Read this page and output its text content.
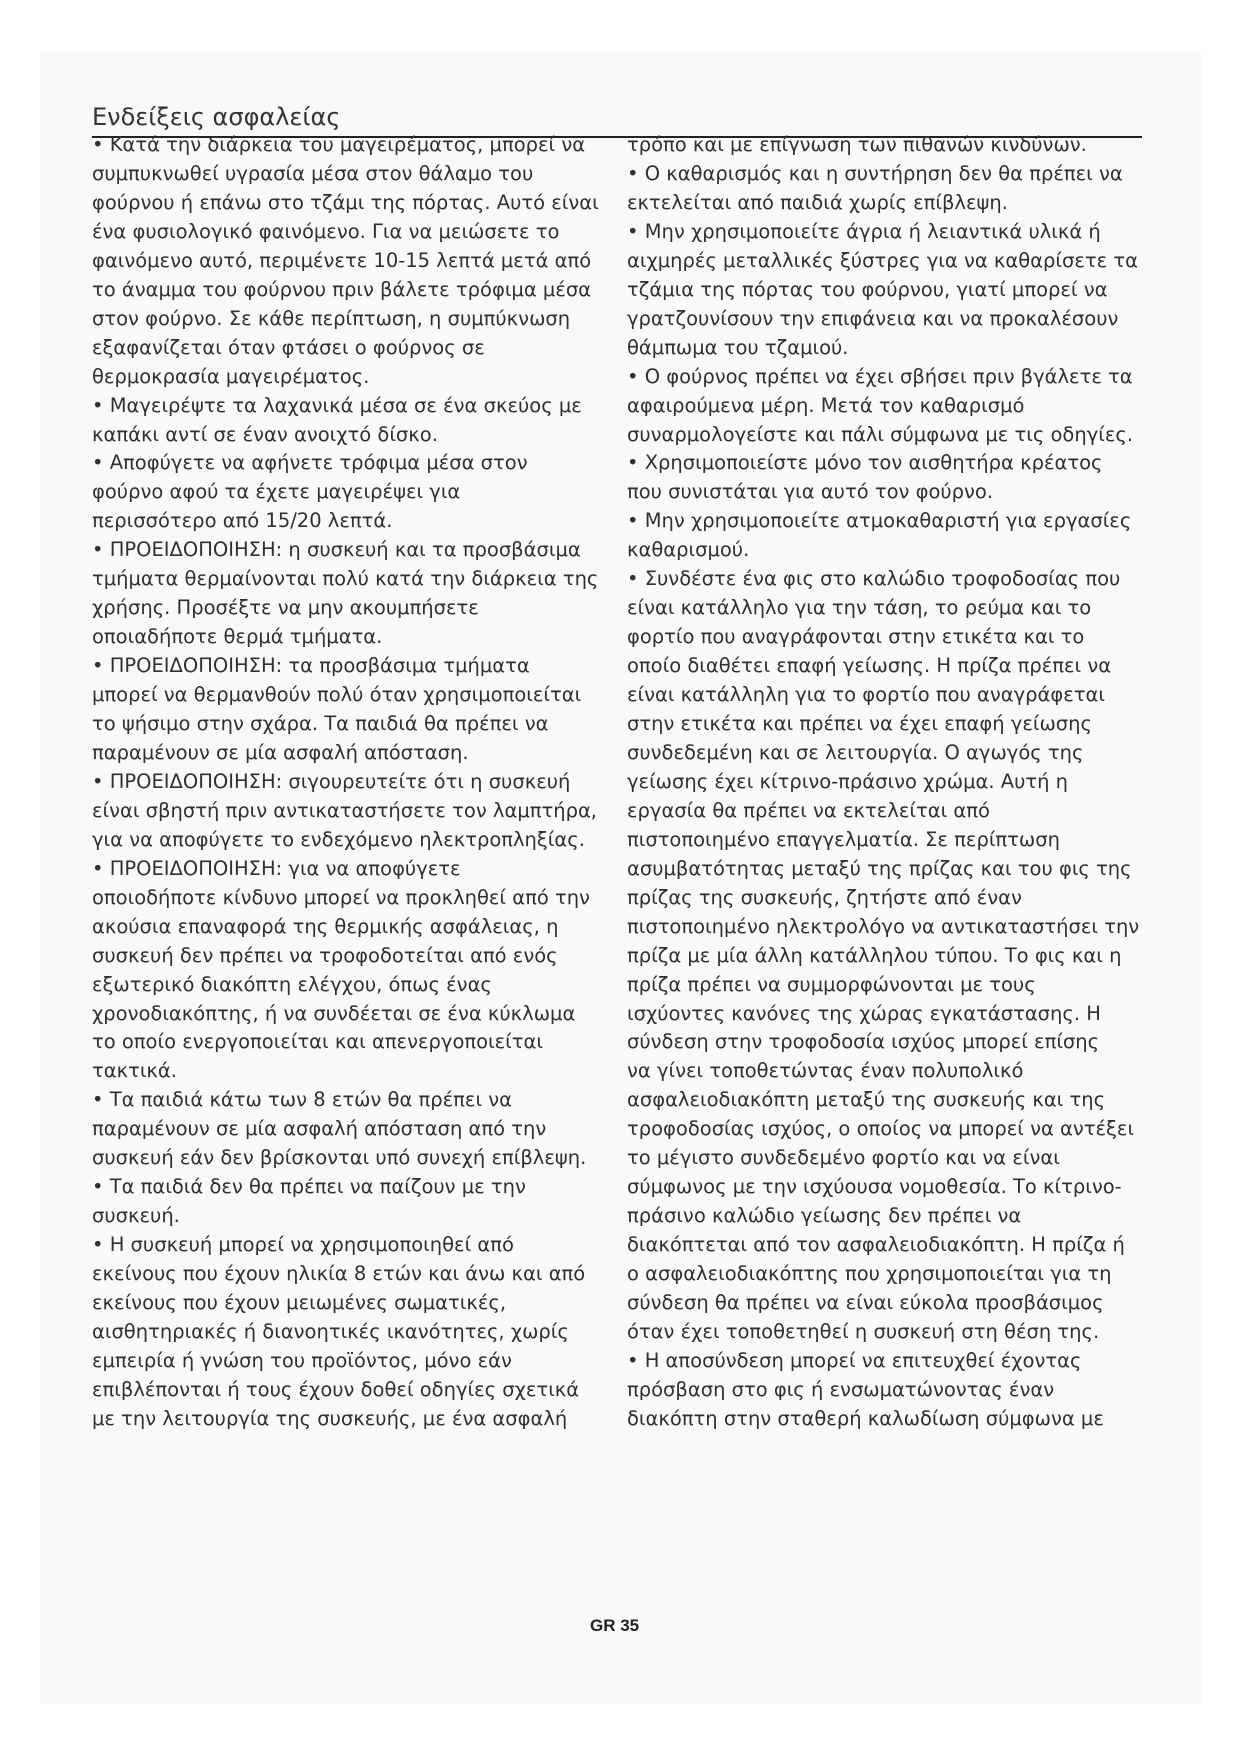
Ενδείξεις ασφαλείας
• Κατά την διάρκεια του μαγειρέματος, μπορεί να
συμπυκνωθεί υγρασία μέσα στον θάλαμο του
φούρνου ή επάνω στο τζάμι της πόρτας. Αυτό είναι
ένα φυσιολογικό φαινόμενο. Για να μειώσετε το
φαινόμενο αυτό, περιμένετε 10-15 λεπτά μετά από
το άναμμα του φούρνου πριν βάλετε τρόφιμα μέσα
στον φούρνο. Σε κάθε περίπτωση, η συμπύκνωση
εξαφανίζεται όταν φτάσει ο φούρνος σε
θερμοκρασία μαγειρέματος.
• Μαγειρέψτε τα λαχανικά μέσα σε ένα σκεύος με
καπάκι αντί σε έναν ανοιχτό δίσκο.
• Αποφύγετε να αφήνετε τρόφιμα μέσα στον
φούρνο αφού τα έχετε μαγειρέψει για
περισσότερο από 15/20 λεπτά.
• ΠΡΟΕΙΔΟΠΟΙΗΣΗ: η συσκευή και τα προσβάσιμα
τμήματα θερμαίνονται πολύ κατά την διάρκεια της
χρήσης. Προσέξτε να μην ακουμπήσετε
οποιαδήποτε θερμά τμήματα.
• ΠΡΟΕΙΔΟΠΟΙΗΣΗ: τα προσβάσιμα τμήματα
μπορεί να θερμανθούν πολύ όταν χρησιμοποιείται
το ψήσιμο στην σχάρα. Τα παιδιά θα πρέπει να
παραμένουν σε μία ασφαλή απόσταση.
• ΠΡΟΕΙΔΟΠΟΙΗΣΗ: σιγουρευτείτε ότι η συσκευή
είναι σβηστή πριν αντικαταστήσετε τον λαμπτήρα,
για να αποφύγετε το ενδεχόμενο ηλεκτροπληξίας.
• ΠΡΟΕΙΔΟΠΟΙΗΣΗ: για να αποφύγετε
οποιοδήποτε κίνδυνο μπορεί να προκληθεί από την
ακούσια επαναφορά της θερμικής ασφάλειας, η
συσκευή δεν πρέπει να τροφοδοτείται από ενός
εξωτερικό διακόπτη ελέγχου, όπως ένας
χρονοδιακόπτης, ή να συνδέεται σε ένα κύκλωμα
το οποίο ενεργοποιείται και απενεργοποιείται
τακτικά.
• Τα παιδιά κάτω των 8 ετών θα πρέπει να
παραμένουν σε μία ασφαλή απόσταση από την
συσκευή εάν δεν βρίσκονται υπό συνεχή επίβλεψη.
• Τα παιδιά δεν θα πρέπει να παίζουν με την
συσκευή.
• Η συσκευή μπορεί να χρησιμοποιηθεί από
εκείνους που έχουν ηλικία 8 ετών και άνω και από
εκείνους που έχουν μειωμένες σωματικές,
αισθητηριακές ή διανοητικές ικανότητες, χωρίς
εμπειρία ή γνώση του προϊόντος, μόνο εάν
επιβλέπονται ή τους έχουν δοθεί οδηγίες σχετικά
με την λειτουργία της συσκευής, με ένα ασφαλή
τρόπο και με επίγνωση των πιθανών κινδύνων.
• Ο καθαρισμός και η συντήρηση δεν θα πρέπει να
εκτελείται από παιδιά χωρίς επίβλεψη.
• Μην χρησιμοποιείτε άγρια ή λειαντικά υλικά ή
αιχμηρές μεταλλικές ξύστρες για να καθαρίσετε τα
τζάμια της πόρτας του φούρνου, γιατί μπορεί να
γρατζουνίσουν την επιφάνεια και να προκαλέσουν
θάμπωμα του τζαμιού.
• Ο φούρνος πρέπει να έχει σβήσει πριν βγάλετε τα
αφαιρούμενα μέρη. Μετά τον καθαρισμό
συναρμολογείστε και πάλι σύμφωνα με τις οδηγίες.
• Χρησιμοποιείστε μόνο τον αισθητήρα κρέατος
που συνιστάται για αυτό τον φούρνο.
• Μην χρησιμοποιείτε ατμοκαθαριστή για εργασίες
καθαρισμού.
• Συνδέστε ένα φις στο καλώδιο τροφοδοσίας που
είναι κατάλληλο για την τάση, το ρεύμα και το
φορτίο που αναγράφονται στην ετικέτα και το
οποίο διαθέτει επαφή γείωσης. Η πρίζα πρέπει να
είναι κατάλληλη για το φορτίο που αναγράφεται
στην ετικέτα και πρέπει να έχει επαφή γείωσης
συνδεδεμένη και σε λειτουργία. Ο αγωγός της
γείωσης έχει κίτρινο-πράσινο χρώμα. Αυτή η
εργασία θα πρέπει να εκτελείται από
πιστοποιημένο επαγγελματία. Σε περίπτωση
ασυμβατότητας μεταξύ της πρίζας και του φις της
πρίζας της συσκευής, ζητήστε από έναν
πιστοποιημένο ηλεκτρολόγο να αντικαταστήσει την
πρίζα με μία άλλη κατάλληλου τύπου. Το φις και η
πρίζα πρέπει να συμμορφώνονται με τους
ισχύοντες κανόνες της χώρας εγκατάστασης. Η
σύνδεση στην τροφοδοσία ισχύος μπορεί επίσης
να γίνει τοποθετώντας έναν πολυπολικό
ασφαλειοδιακόπτη μεταξύ της συσκευής και της
τροφοδοσίας ισχύος, ο οποίος να μπορεί να αντέξει
το μέγιστο συνδεδεμένο φορτίο και να είναι
σύμφωνος με την ισχύουσα νομοθεσία. Το κίτρινο-
πράσινο καλώδιο γείωσης δεν πρέπει να
διακόπτεται από τον ασφαλειοδιακόπτη. Η πρίζα ή
ο ασφαλειοδιακόπτης που χρησιμοποιείται για τη
σύνδεση θα πρέπει να είναι εύκολα προσβάσιμος
όταν έχει τοποθετηθεί η συσκευή στη θέση της.
• Η αποσύνδεση μπορεί να επιτευχθεί έχοντας
πρόσβαση στο φις ή ενσωματώνοντας έναν
διακόπτη στην σταθερή καλωδίωση σύμφωνα με
GR 35
